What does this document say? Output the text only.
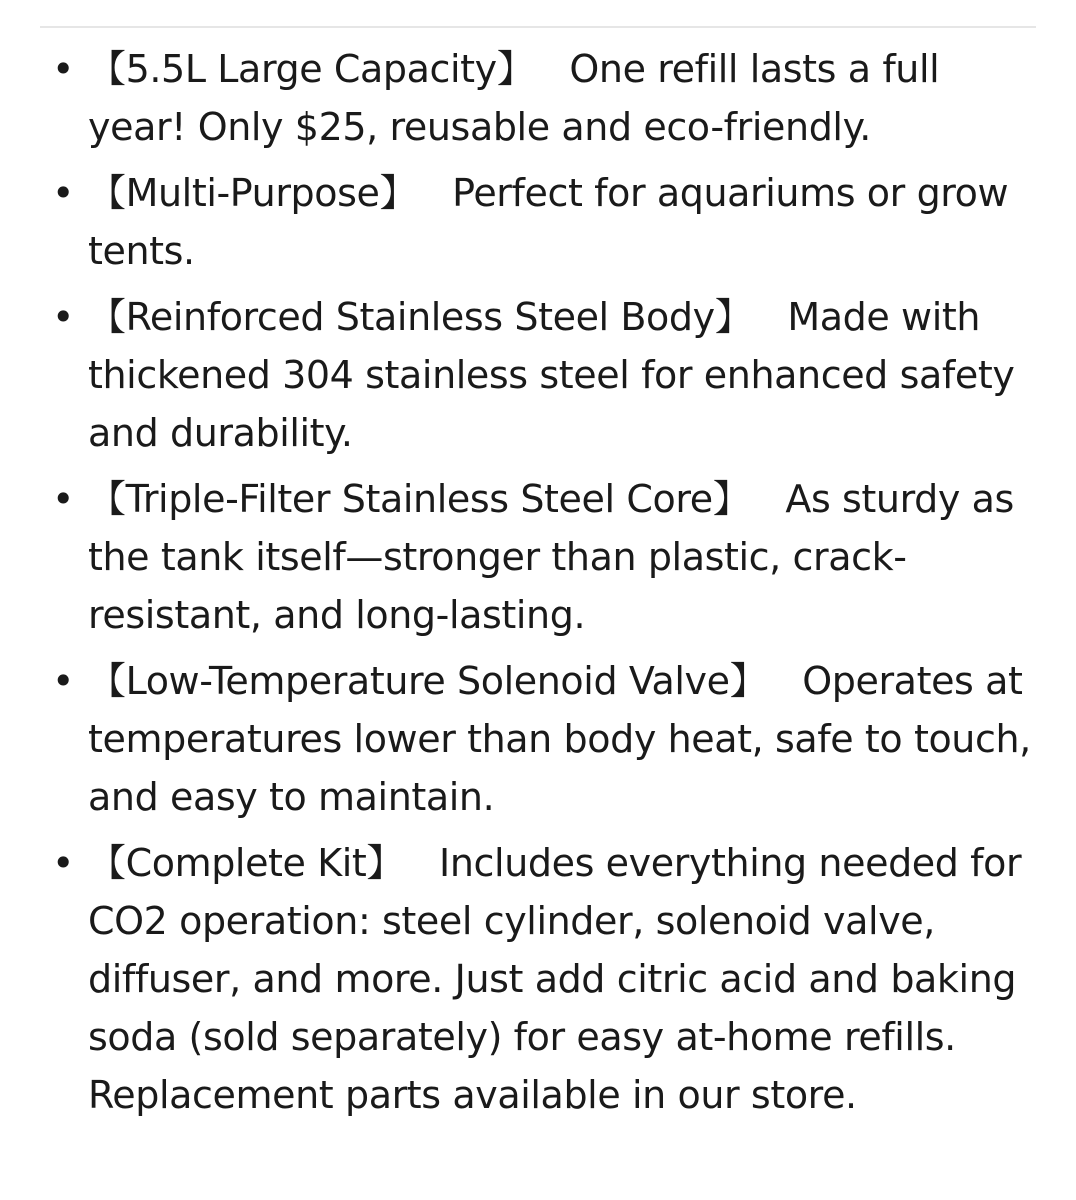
• 【5.5L Large Capacity】   One refill lasts a full year! Only $25, reusable and eco-friendly.
• 【Multi-Purpose】   Perfect for aquariums or grow tents.
• 【Reinforced Stainless Steel Body】   Made with thickened 304 stainless steel for enhanced safety and durability.
• 【Triple-Filter Stainless Steel Core】   As sturdy as the tank itself—stronger than plastic, crack-resistant, and long-lasting.
• 【Low-Temperature Solenoid Valve】   Operates at temperatures lower than body heat, safe to touch, and easy to maintain.
• 【Complete Kit】   Includes everything needed for CO2 operation: steel cylinder, solenoid valve, diffuser, and more. Just add citric acid and baking soda (sold separately) for easy at-home refills. Replacement parts available in our store.
